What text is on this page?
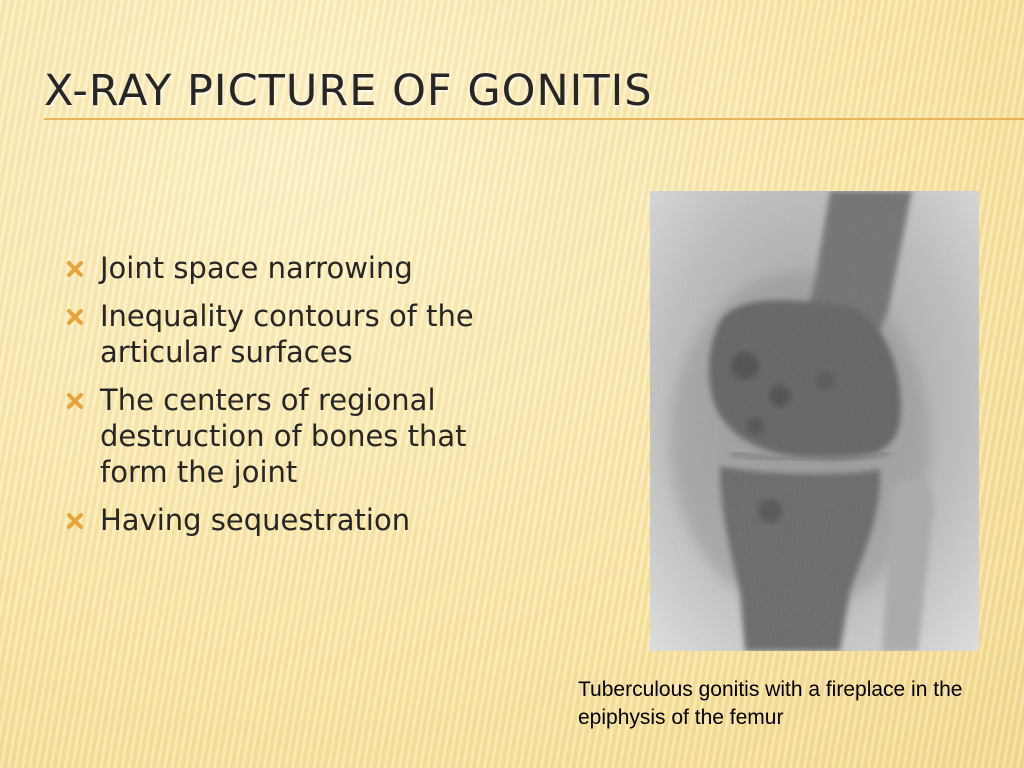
X-RAY PICTURE OF GONITIS
Joint space narrowing
Inequality contours of the articular surfaces
The centers of regional destruction of bones that form the joint
Having sequestration

Tuberculous gonitis with a fireplace in the epiphysis of the femur
